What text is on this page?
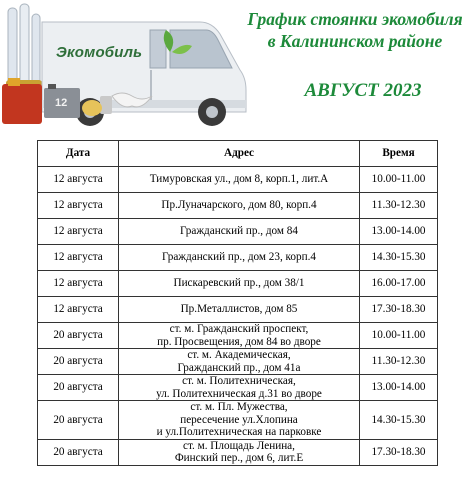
Экомобиль
12
График стоянки экомобиля
в Калининском районе
АВГУСТ 2023
Дата	Адрес	Время
12 августа	Тимуровская ул., дом 8, корп.1, лит.А	10.00-11.00
12 августа	Пр.Луначарского, дом 80, корп.4	11.30-12.30
12 августа	Гражданский пр., дом 84	13.00-14.00
12 августа	Гражданский пр., дом 23, корп.4	14.30-15.30
12 августа	Пискаревский пр., дом 38/1	16.00-17.00
12 августа	Пр.Металлистов, дом 85	17.30-18.30
20 августа	ст. м. Гражданский проспект,
пр. Просвещения, дом 84 во дворе	10.00-11.00
20 августа	ст. м. Академическая,
Гражданский пр., дом 41а	11.30-12.30
20 августа	ст. м. Политехническая,
ул. Политехническая д.31 во дворе	13.00-14.00
20 августа	ст. м. Пл. Мужества,
пересечение ул.Хлопина
и ул.Политехническая на парковке	14.30-15.30
20 августа	ст. м. Площадь Ленина,
Финский пер., дом 6, лит.Е	17.30-18.30
